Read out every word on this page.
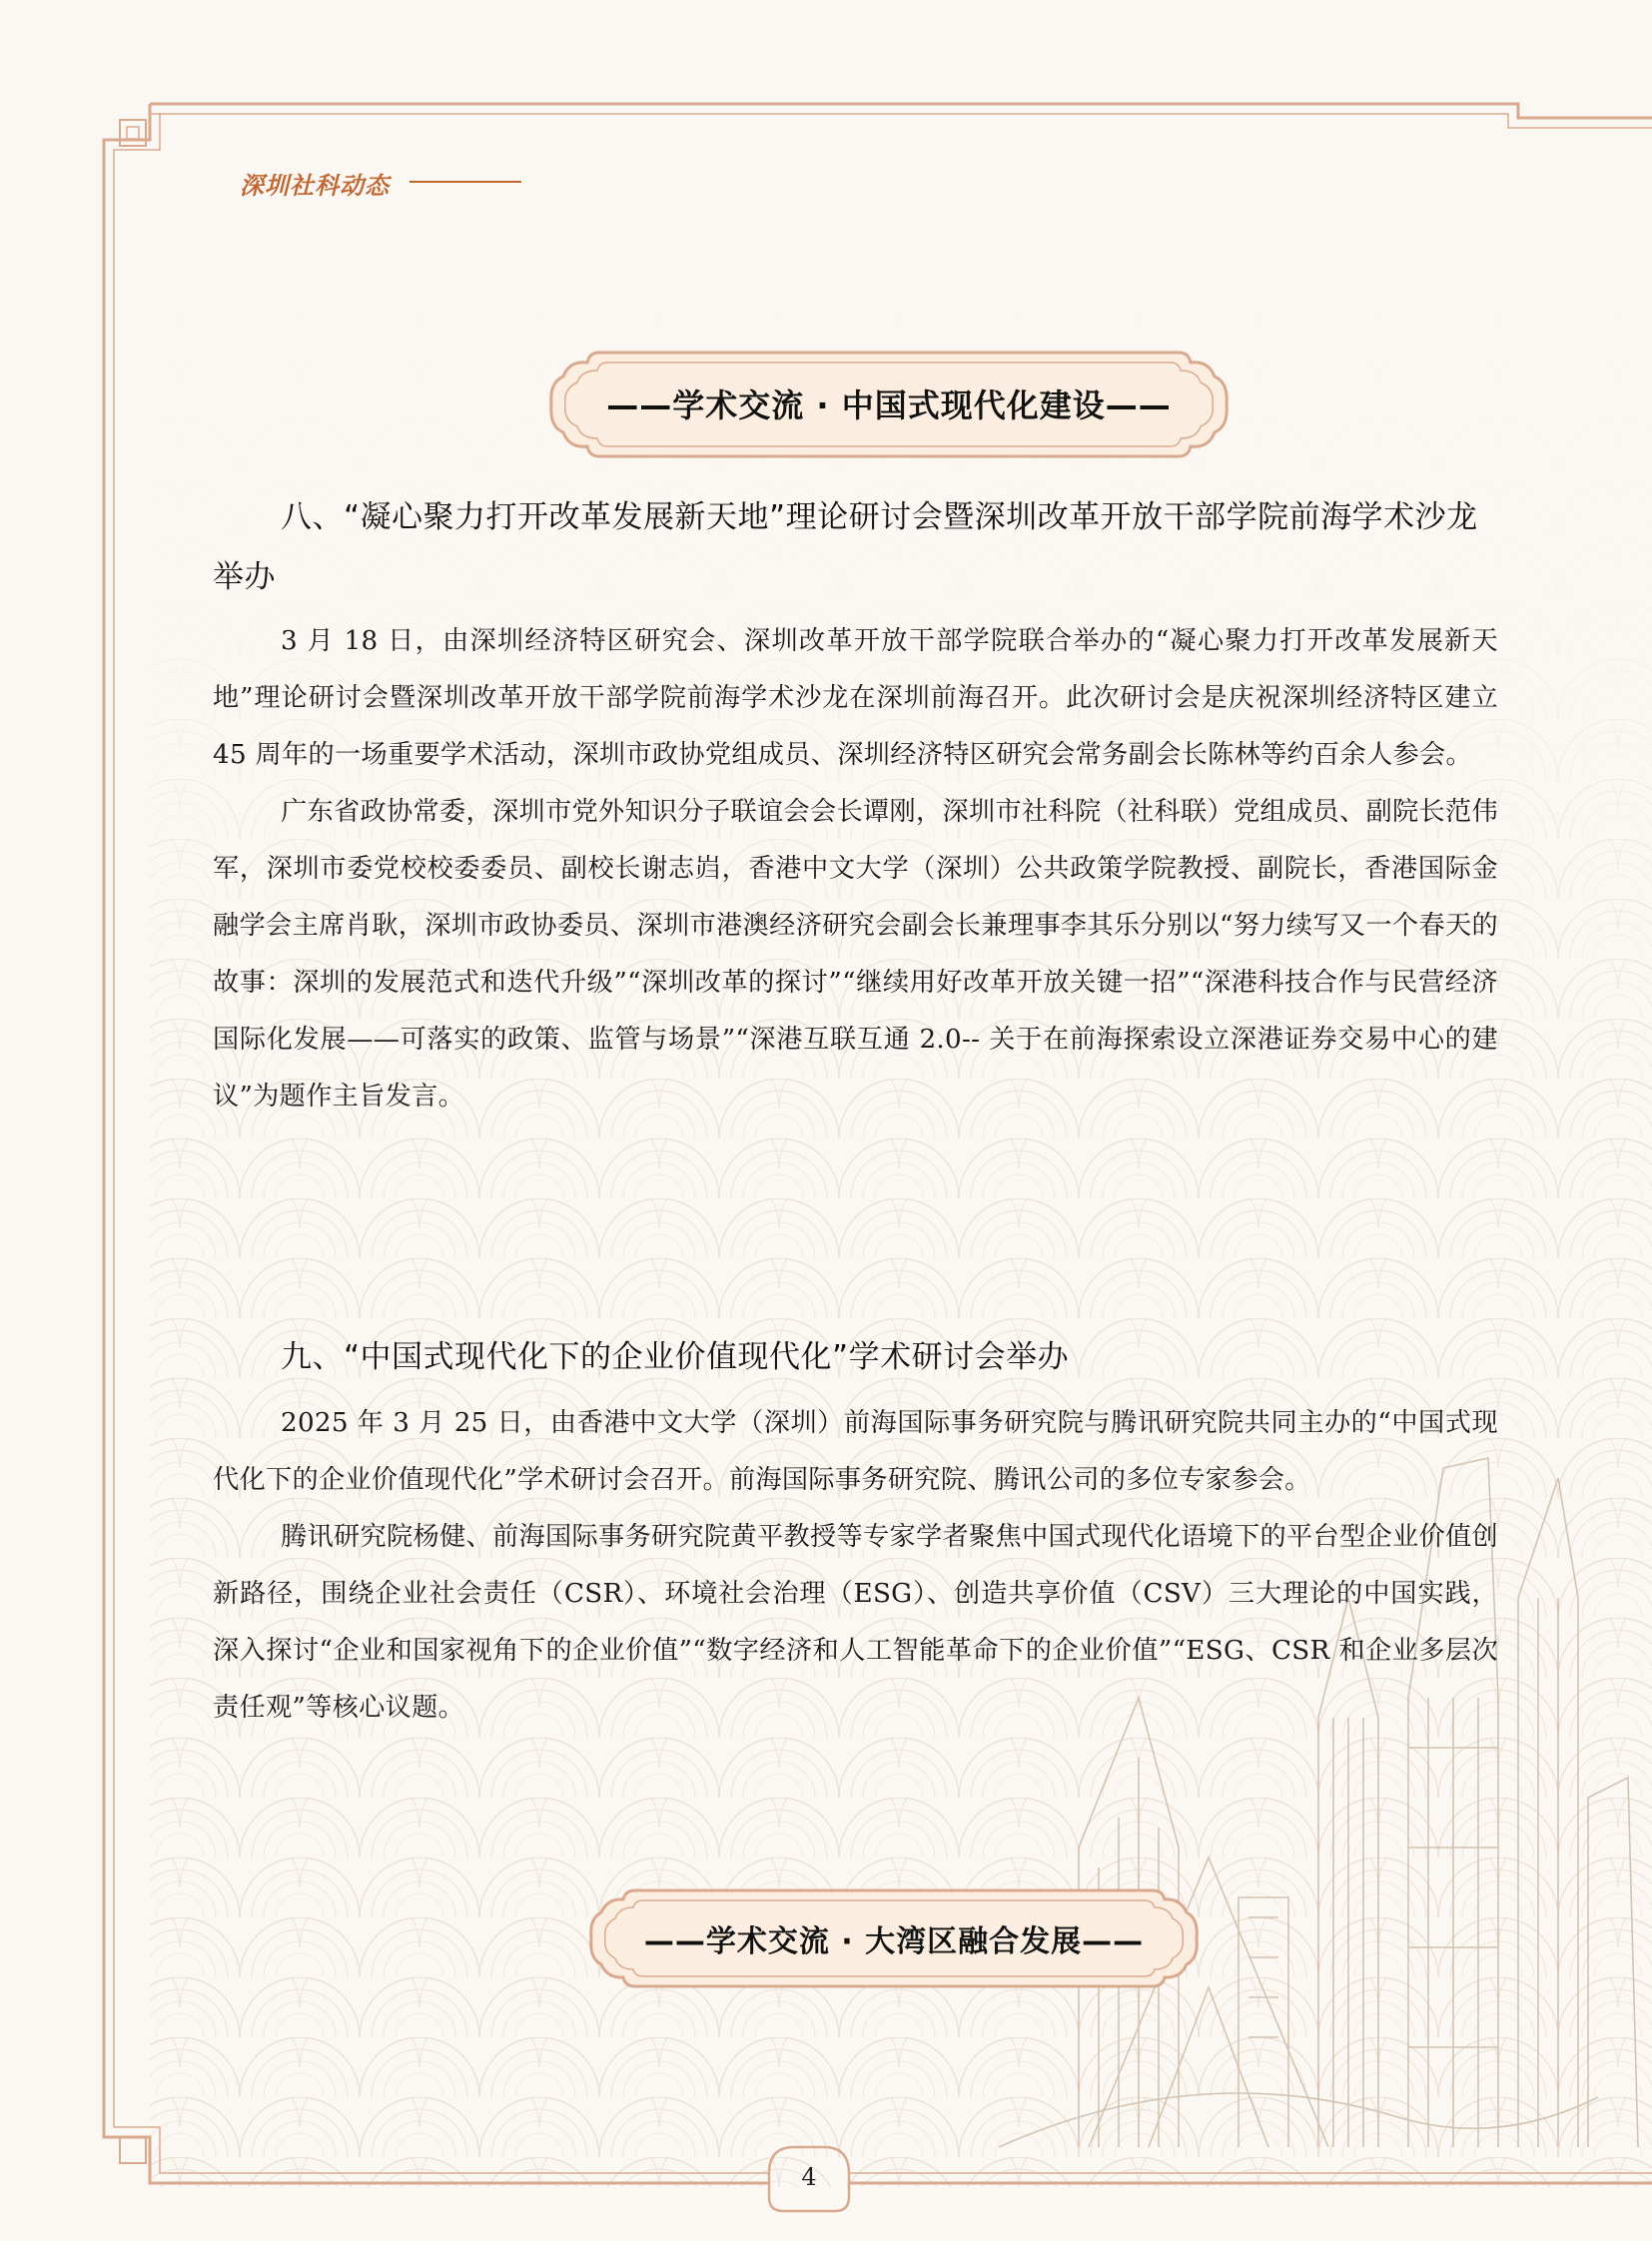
深圳社科动态
——学术交流 · 中国式现代化建设——
八、“凝心聚力打开改革发展新天地”理论研讨会暨深圳改革开放干部学院前海学术沙龙举办

3 月 18 日，由深圳经济特区研究会、深圳改革开放干部学院联合举办的“凝心聚力打开改革发展新天地”理论研讨会暨深圳改革开放干部学院前海学术沙龙在深圳前海召开。此次研讨会是庆祝深圳经济特区建立 45 周年的一场重要学术活动，深圳市政协党组成员、深圳经济特区研究会常务副会长陈林等约百余人参会。

广东省政协常委，深圳市党外知识分子联谊会会长谭刚，深圳市社科院（社科联）党组成员、副院长范伟军，深圳市委党校校委委员、副校长谢志岿，香港中文大学（深圳）公共政策学院教授、副院长，香港国际金融学会主席肖耿，深圳市政协委员、深圳市港澳经济研究会副会长兼理事李其乐分别以“努力续写又一个春天的故事：深圳的发展范式和迭代升级”“深圳改革的探讨”“继续用好改革开放关键一招”“深港科技合作与民营经济国际化发展——可落实的政策、监管与场景”“深港互联互通 2.0-- 关于在前海探索设立深港证券交易中心的建议”为题作主旨发言。

九、“中国式现代化下的企业价值现代化”学术研讨会举办

2025 年 3 月 25 日，由香港中文大学（深圳）前海国际事务研究院与腾讯研究院共同主办的“中国式现代化下的企业价值现代化”学术研讨会召开。前海国际事务研究院、腾讯公司的多位专家参会。

腾讯研究院杨健、前海国际事务研究院黄平教授等专家学者聚焦中国式现代化语境下的平台型企业价值创新路径，围绕企业社会责任（CSR）、环境社会治理（ESG）、创造共享价值（CSV）三大理论的中国实践，深入探讨“企业和国家视角下的企业价值”“数字经济和人工智能革命下的企业价值”“ESG、CSR 和企业多层次责任观”等核心议题。

——学术交流 · 大湾区融合发展——
4
